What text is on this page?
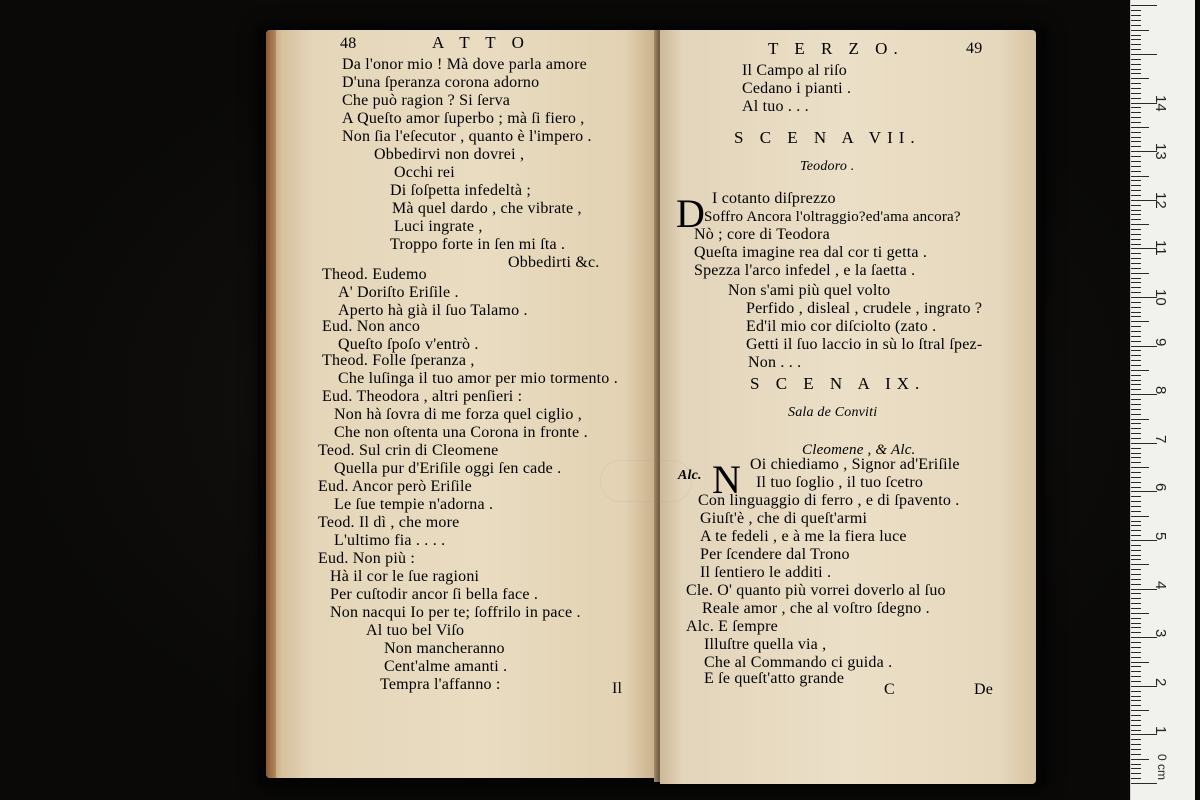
48	A T T O
Da l'onor mio ! Mà dove parla amore
D'una ſperanza corona adorno
Che può ragion ? Si ſerva
A Queſto amor ſuperbo ; mà ſi fiero ,
Non ſia l'eſecutor , quanto è l'impero .
Obbedirvi non dovrei ,
Occhi rei
Di ſoſpetta infedeltà ;
Mà quel dardo , che vibrate ,
Luci ingrate ,
Troppo forte in ſen mi ſta .
Obbedirti &c.
Theod. Eudemo
A' Doriſto Eriſile .
Aperto hà già il ſuo Talamo .
Eud. Non anco
Queſto ſpoſo v'entrò .
Theod. Folle ſperanza ,
Che luſinga il tuo amor per mio tormento .
Eud. Theodora , altri penſieri :
Non hà ſovra di me forza quel ciglio ,
Che non oſtenta una Corona in fronte .
Teod. Sul crin di Cleomene
Quella pur d'Eriſile oggi ſen cade .
Eud. Ancor però Eriſile
Le ſue tempie n'adorna .
Teod. Il dì , che more
L'ultimo fia . . . .
Eud. Non più :
Hà il cor le ſue ragioni
Per cuſtodir ancor ſi bella face .
Non nacqui Io per te; ſoffrilo in pace .
Al tuo bel Viſo
Non mancheranno
Cent'alme amanti .
Tempra l'affanno :
T E R Z O.	49
S C E N A VII.
Teodoro .
D
S C E N A IX.
Sala de Conviti
Cleomene , & Alc.
Alc. N
C	De
Il Campo al riſo
Cedano i pianti .
Al tuo . . .
I cotanto diſprezzo
Soffro Ancora l'oltraggio?ed'ama ancora?
Nò ; core di Teodora
Queſta imagine rea dal cor ti getta .
Spezza l'arco infedel , e la ſaetta .
Non s'ami più quel volto
Perfido , disleal , crudele , ingrato ?
Ed'il mio cor diſciolto (zato .
Getti il ſuo laccio in sù lo ſtral ſpez-
Non . . .
Oi chiediamo , Signor ad'Eriſile
Il tuo ſoglio , il tuo ſcetro
Con linguaggio di ferro , e di ſpavento .
Giuſt'è , che di queſt'armi
A te fedeli , e à me la fiera luce
Per ſcendere dal Trono
Il ſentiero le additi .
Cle. O' quanto più vorrei doverlo al ſuo
Reale amor , che al voſtro ſdegno .
Alc. E ſempre
Illuſtre quella via ,
Che al Commando ci guida .
E ſe queſt'atto grande
Il
0 cm
1
2
3
4
5
6
7
8
9
10
11
12
13
14
